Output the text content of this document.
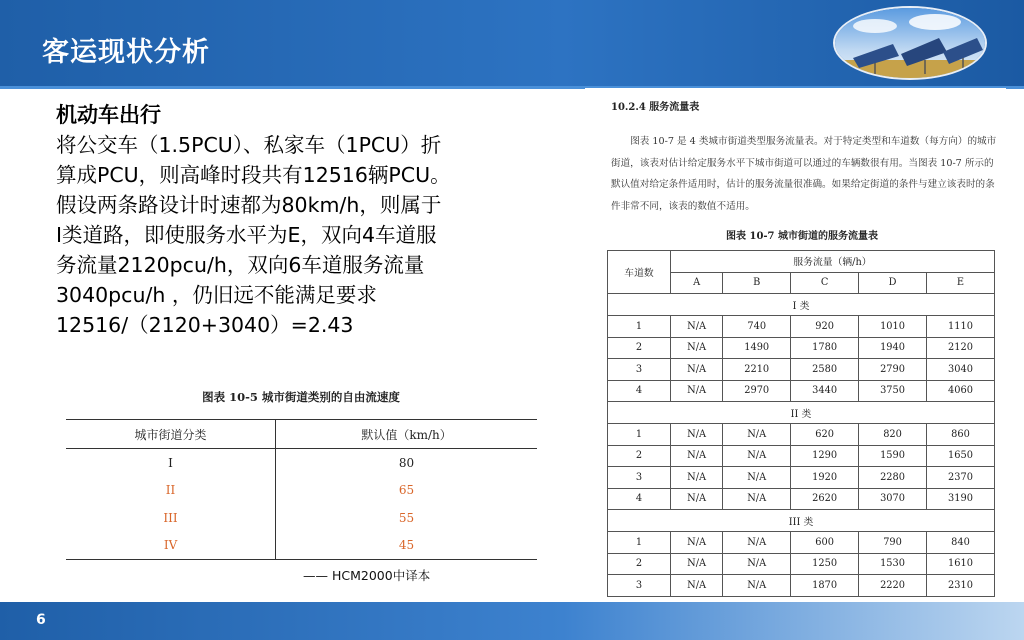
客运现状分析
机动车出行
将公交车（1.5PCU）、私家车（1PCU）折
算成PCU，则高峰时段共有12516辆PCU。
假设两条路设计时速都为80km/h，则属于
I类道路，即使服务水平为E，双向4车道服
务流量2120pcu/h，双向6车道服务流量
3040pcu/h ，仍旧远不能满足要求
12516/（2120+3040）=2.43
图表 10-5 城市街道类别的自由流速度
城市街道分类	默认值（km/h）
I	80
II	65
III	55
IV	45
—— HCM2000中译本
10.2.4 服务流量表
图表 10-7 是 4 类城市街道类型服务流量表。对于特定类型和车道数（每方向）的城市街道，该表对估计给定服务水平下城市街道可以通过的车辆数很有用。当图表 10-7 所示的默认值对给定条件适用时，估计的服务流量很准确。如果给定街道的条件与建立该表时的条件非常不同，该表的数值不适用。
图表 10-7 城市街道的服务流量表
车道数	服务流量（辆/h）				
	A	B	C	D	E
I 类					
1	N/A	740	920	1010	1110
2	N/A	1490	1780	1940	2120
3	N/A	2210	2580	2790	3040
4	N/A	2970	3440	3750	4060
II 类					
1	N/A	N/A	620	820	860
2	N/A	N/A	1290	1590	1650
3	N/A	N/A	1920	2280	2370
4	N/A	N/A	2620	3070	3190
III 类					
1	N/A	N/A	600	790	840
2	N/A	N/A	1250	1530	1610
3	N/A	N/A	1870	2220	2310
6
